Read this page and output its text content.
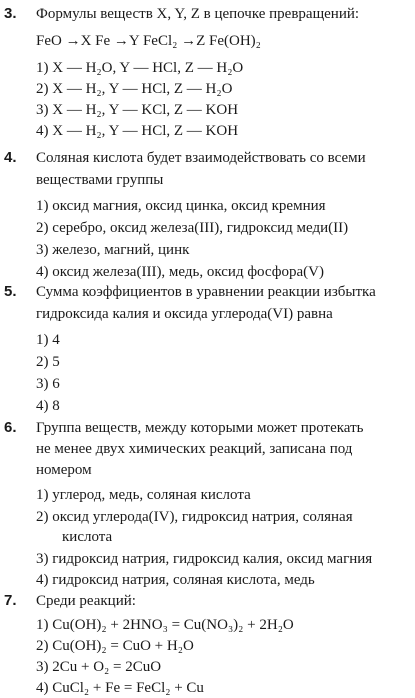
3. Формулы веществ X, Y, Z в цепочке превращений:
FeO →X Fe →Y FeCl₂ →Z Fe(OH)₂
1) X — H₂O, Y — HCl, Z — H₂O
2) X — H₂, Y — HCl, Z — H₂O
3) X — H₂, Y — KCl, Z — KOH
4) X — H₂, Y — HCl, Z — KOH
4. Соляная кислота будет взаимодействовать со всеми
веществами группы
1) оксид магния, оксид цинка, оксид кремния
2) серебро, оксид железа(III), гидроксид меди(II)
3) железо, магний, цинк
4) оксид железа(III), медь, оксид фосфора(V)
5. Сумма коэффициентов в уравнении реакции избытка
гидроксида калия и оксида углерода(VI) равна
1) 4
2) 5
3) 6
4) 8
6. Группа веществ, между которыми может протекать
не менее двух химических реакций, записана под
номером
1) углерод, медь, соляная кислота
2) оксид углерода(IV), гидроксид натрия, соляная
кислота
3) гидроксид натрия, гидроксид калия, оксид магния
4) гидроксид натрия, соляная кислота, медь
7. Среди реакций:
1) Cu(OH)₂ + 2HNO₃ = Cu(NO₃)₂ + 2H₂O
2) Cu(OH)₂ = CuO + H₂O
3) 2Cu + O₂ = 2CuO
4) CuCl₂ + Fe = FeCl₂ + Cu
